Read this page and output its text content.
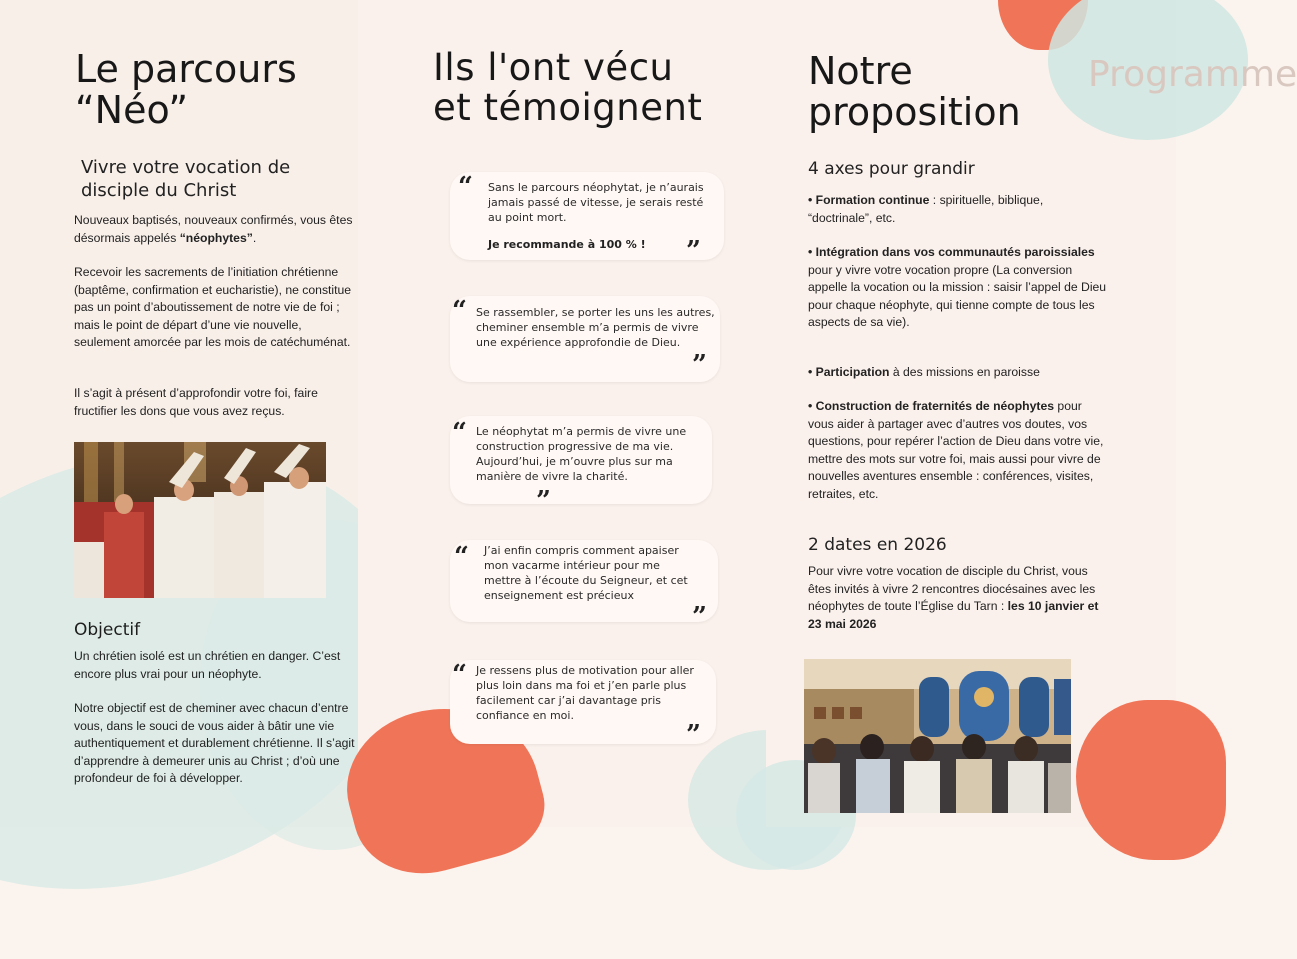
Le parcours
“Néo”
Vivre votre vocation de
disciple du Christ

Nouveaux baptisés, nouveaux confirmés, vous êtes désormais appelés “néophytes”.

Recevoir les sacrements de l’initiation chrétienne (baptême, confirmation et eucharistie), ne constitue pas un point d’aboutissement de notre vie de foi ; mais le point de départ d’une vie nouvelle, seulement amorcée par les mois de catéchuménat.

Il s’agit à présent d’approfondir votre foi, faire fructifier les dons que vous avez reçus.

Objectif

Un chrétien isolé est un chrétien en danger. C’est encore plus vrai pour un néophyte.

Notre objectif est de cheminer avec chacun d’entre vous, dans le souci de vous aider à bâtir une vie authentiquement et durablement chrétienne. Il s’agit d’apprendre à demeurer unis au Christ ; d’où une profondeur de foi à développer.

Ils l'ont vécu
et témoignent
“ Sans le parcours néophytat, je n’aurais jamais passé de vitesse, je serais resté au point mort.

Je recommande à 100 % ! ”
“ Se rassembler, se porter les uns les autres, cheminer ensemble m’a permis de vivre une expérience approfondie de Dieu.

”
“ Le néophytat m’a permis de vivre une construction progressive de ma vie. Aujourd’hui, je m’ouvre plus sur ma manière de vivre la charité.

”
“ J’ai enfin compris comment apaiser mon vacarme intérieur pour me mettre à l’écoute du Seigneur, et cet enseignement est précieux

”
“ Je ressens plus de motivation pour aller plus loin dans ma foi et j’en parle plus facilement car j’ai davantage pris confiance en moi.

”
Programme
Notre
proposition
4 axes pour grandir

• Formation continue : spirituelle, biblique, “doctrinale”, etc.

• Intégration dans vos communautés paroissiales pour y vivre votre vocation propre (La conversion appelle la vocation ou la mission : saisir l’appel de Dieu pour chaque néophyte, qui tienne compte de tous les aspects de sa vie).

• Participation à des missions en paroisse

• Construction de fraternités de néophytes pour vous aider à partager avec d’autres vos doutes, vos questions, pour repérer l’action de Dieu dans votre vie, mettre des mots sur votre foi, mais aussi pour vivre de nouvelles aventures ensemble : conférences, visites, retraites, etc.

2 dates en 2026

Pour vivre votre vocation de disciple du Christ, vous êtes invités à vivre 2 rencontres diocésaines avec les néophytes de toute l’Église du Tarn : les 10 janvier et 23 mai 2026
